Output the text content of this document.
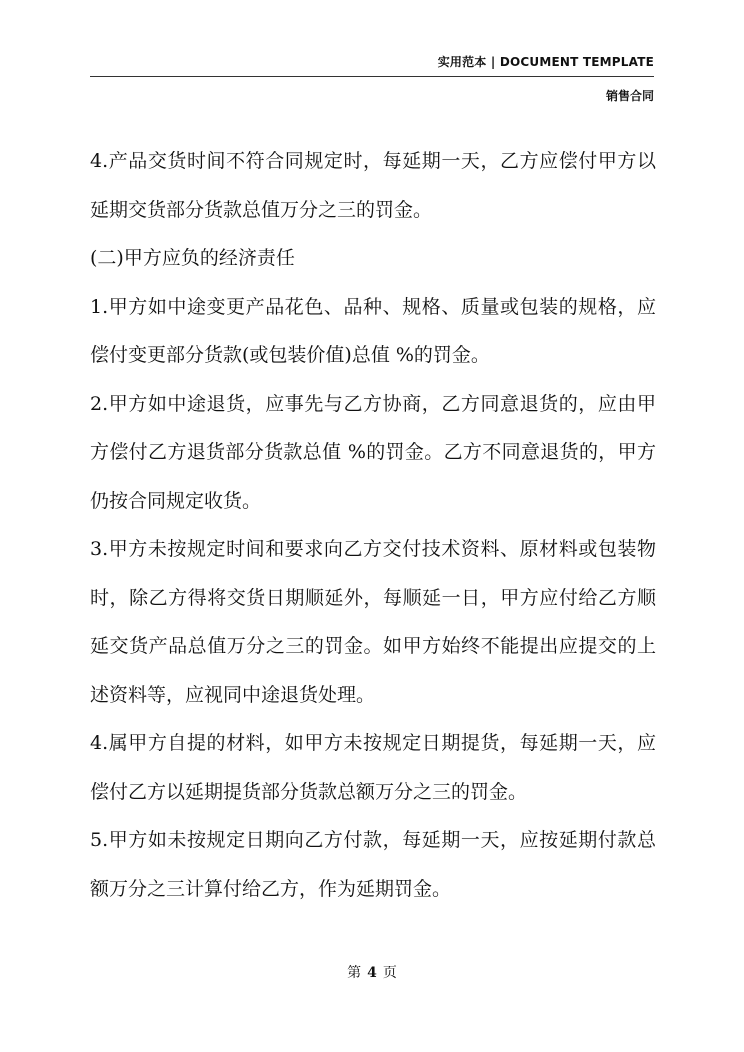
实用范本 | DOCUMENT TEMPLATE
销售合同

4.产品交货时间不符合同规定时，每延期一天，乙方应偿付甲方以延期交货部分货款总值万分之三的罚金。

(二)甲方应负的经济责任

1.甲方如中途变更产品花色、品种、规格、质量或包装的规格，应偿付变更部分货款(或包装价值)总值 %的罚金。

2.甲方如中途退货，应事先与乙方协商，乙方同意退货的，应由甲方偿付乙方退货部分货款总值 %的罚金。乙方不同意退货的，甲方仍按合同规定收货。

3.甲方未按规定时间和要求向乙方交付技术资料、原材料或包装物时，除乙方得将交货日期顺延外，每顺延一日，甲方应付给乙方顺延交货产品总值万分之三的罚金。如甲方始终不能提出应提交的上述资料等，应视同中途退货处理。

4.属甲方自提的材料，如甲方未按规定日期提货，每延期一天，应偿付乙方以延期提货部分货款总额万分之三的罚金。

5.甲方如未按规定日期向乙方付款，每延期一天，应按延期付款总额万分之三计算付给乙方，作为延期罚金。

第 4 页
